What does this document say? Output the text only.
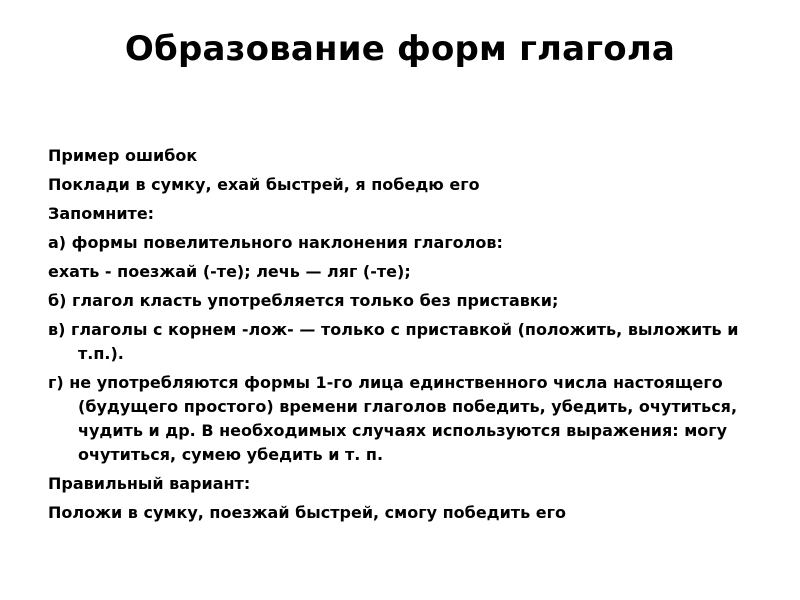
Образование форм глагола

Пример ошибок

Поклади в сумку, ехай быстрей, я победю его

Запомните:

а) формы повелительного наклонения глаголов:

ехать - поезжай (-те); лечь — ляг (-те);

б) глагол класть употребляется только без приставки;

в) глаголы с корнем -лож- — только с приставкой (положить, выложить и т.п.).

г) не употребляются формы 1-го лица единственного числа настоящего (будущего простого) времени глаголов победить, убедить, очутиться, чудить и др. В необходимых случаях используются выражения: могу очутиться, сумею убедить и т. п.

Правильный вариант:

Положи в сумку, поезжай быстрей, смогу победить его
